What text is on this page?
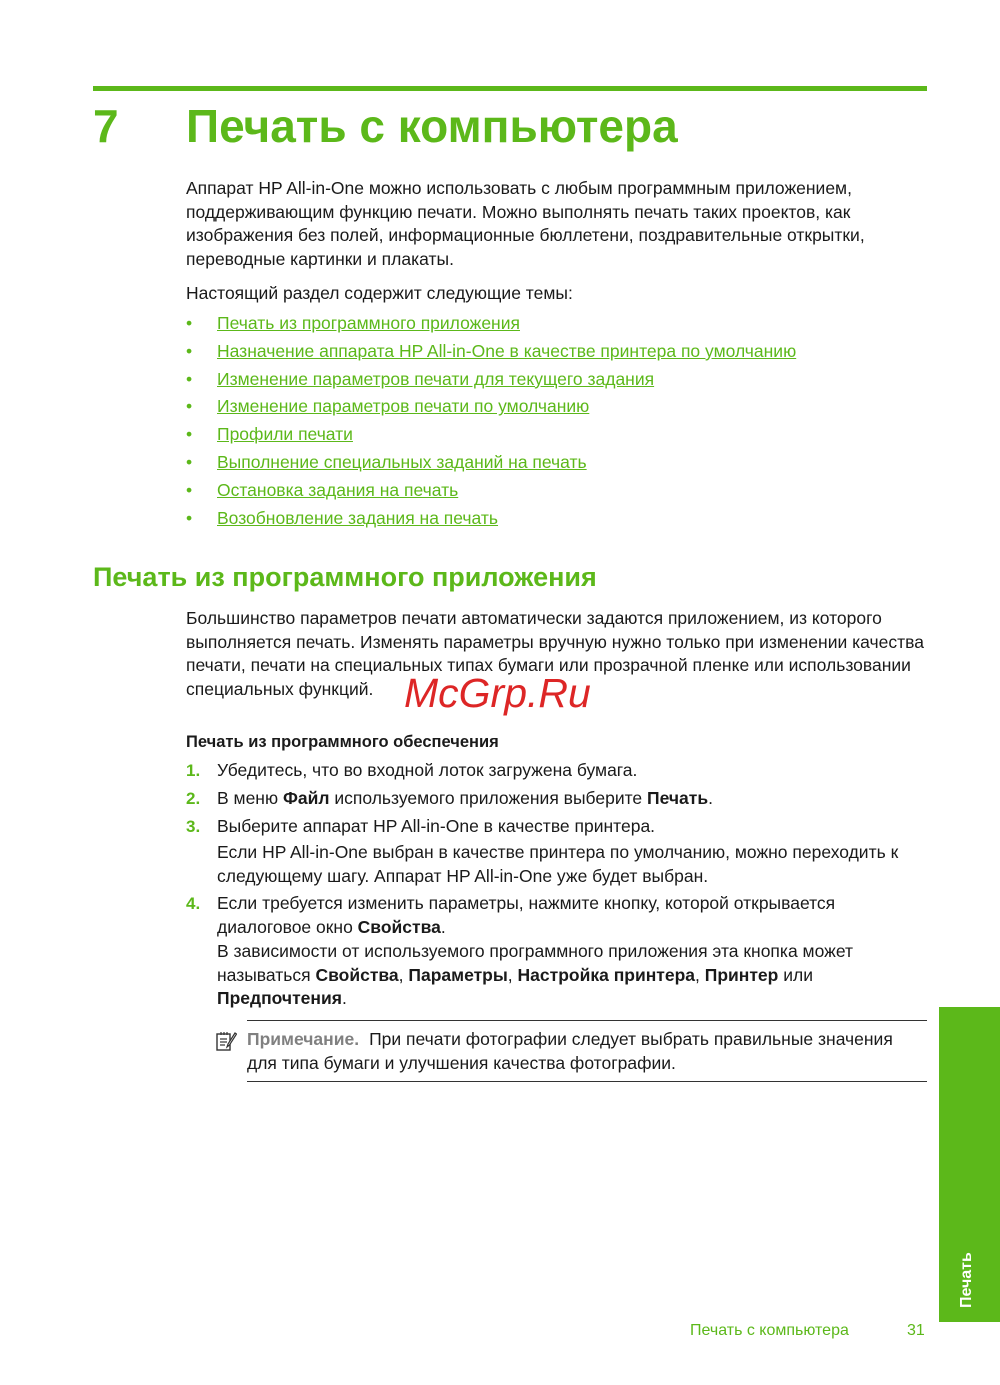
7 Печать с компьютера

Аппарат HP All-in-One можно использовать с любым программным приложением, поддерживающим функцию печати. Можно выполнять печать таких проектов, как изображения без полей, информационные бюллетени, поздравительные открытки, переводные картинки и плакаты.

Настоящий раздел содержит следующие темы:

• Печать из программного приложения
• Назначение аппарата HP All-in-One в качестве принтера по умолчанию
• Изменение параметров печати для текущего задания
• Изменение параметров печати по умолчанию
• Профили печати
• Выполнение специальных заданий на печать
• Остановка задания на печать
• Возобновление задания на печать
Печать из программного приложения

Большинство параметров печати автоматически задаются приложением, из которого выполняется печать. Изменять параметры вручную нужно только при изменении качества печати, печати на специальных типах бумаги или прозрачной пленке или использовании специальных функций.

Печать из программного обеспечения
1. Убедитесь, что во входной лоток загружена бумага.

2. В меню Файл используемого приложения выберите Печать.

3. Выберите аппарат HP All-in-One в качестве принтера.

Если HP All-in-One выбран в качестве принтера по умолчанию, можно переходить к следующему шагу. Аппарат HP All-in-One уже будет выбран.

4. Если требуется изменить параметры, нажмите кнопку, которой открывается диалоговое окно Свойства.

В зависимости от используемого программного приложения эта кнопка может называться Свойства, Параметры, Настройка принтера, Принтер или Предпочтения.

Примечание. При печати фотографии следует выбрать правильные значения для типа бумаги и улучшения качества фотографии.

Печать
Печать с компьютера	31
McGrp.Ru
